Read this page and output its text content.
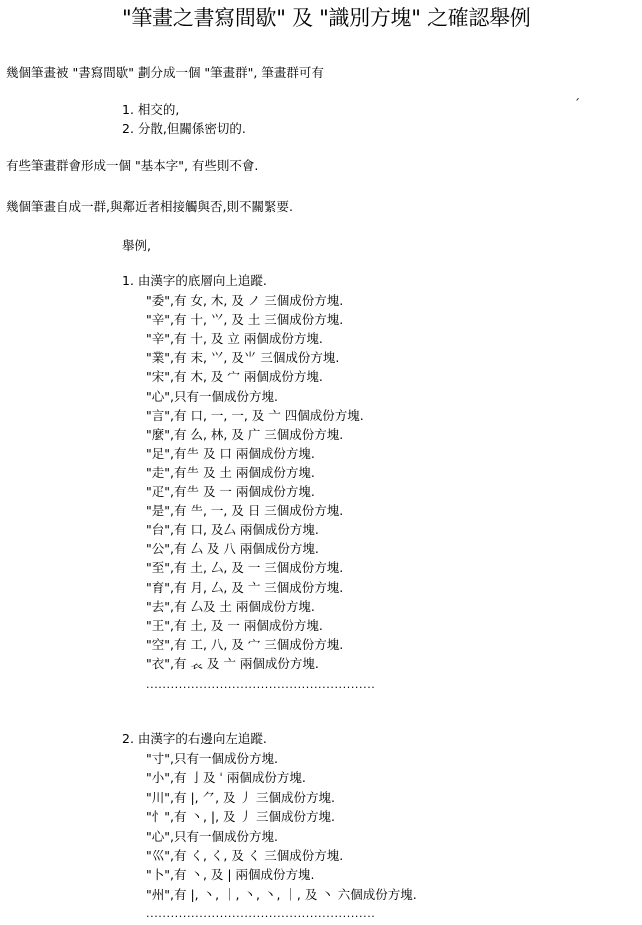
"筆畫之書寫間歇" 及 "識別方塊" 之確認舉例
幾個筆畫被 "書寫間歇" 劃分成一個 "筆畫群", 筆畫群可有
ˊ
1. 相交的,
2. 分散,但關係密切的.
有些筆畫群會形成一個 "基本字", 有些則不會.
幾個筆畫自成一群,與鄰近者相接觸與否,則不關緊要.
舉例,
1. 由漢字的底層向上追蹤.
"委",有 女, 木, 及 ノ 三個成份方塊.
"辛",有 十, ⺍, 及 土 三個成份方塊.
"辛",有 十, 及 立 兩個成份方塊.
"業",有 末, ⺍, 及⺌ 三個成份方塊.
"宋",有 木, 及 宀 兩個成份方塊.
"心",只有一個成份方塊.
"言",有 口, 一, 一, 及 亠 四個成份方塊.
"麼",有 么, 林, 及 广 三個成份方塊.
"足",有⺧ 及 口 兩個成份方塊.
"走",有⺧ 及 土 兩個成份方塊.
"疋",有⺧ 及 ⼀ 兩個成份方塊.
"是",有 ⺧, 一, 及 日 三個成份方塊.
"台",有 口, 及厶 兩個成份方塊.
"公",有 厶 及 八 兩個成份方塊.
"至",有 土, 厶, 及 一 三個成份方塊.
"育",有 月, 厶, 及 亠 三個成份方塊.
"去",有 厶及 土 兩個成份方塊.
"王",有 土, 及 一 兩個成份方塊.
"空",有 工, 八, 及 宀 三個成份方塊.
"衣",有 𧘇 及 亠 兩個成份方塊.
........................................................
2. 由漢字的右邊向左追蹤.
"寸",只有一個成份方塊.
"小",有 亅及 ˈ 兩個成份方塊.
"川",有 |, ⺈, 及 丿 三個成份方塊.
"忄",有 丶, |, 及 ⼃ 三個成份方塊.
"心",只有一個成份方塊.
"巛",有 く, く, 及 く 三個成份方塊.
"卜",有 丶, 及 | 兩個成份方塊.
"州",有 |, 丶, ｜, 丶, 丶, ｜, 及 丶 六個成份方塊.
........................................................
